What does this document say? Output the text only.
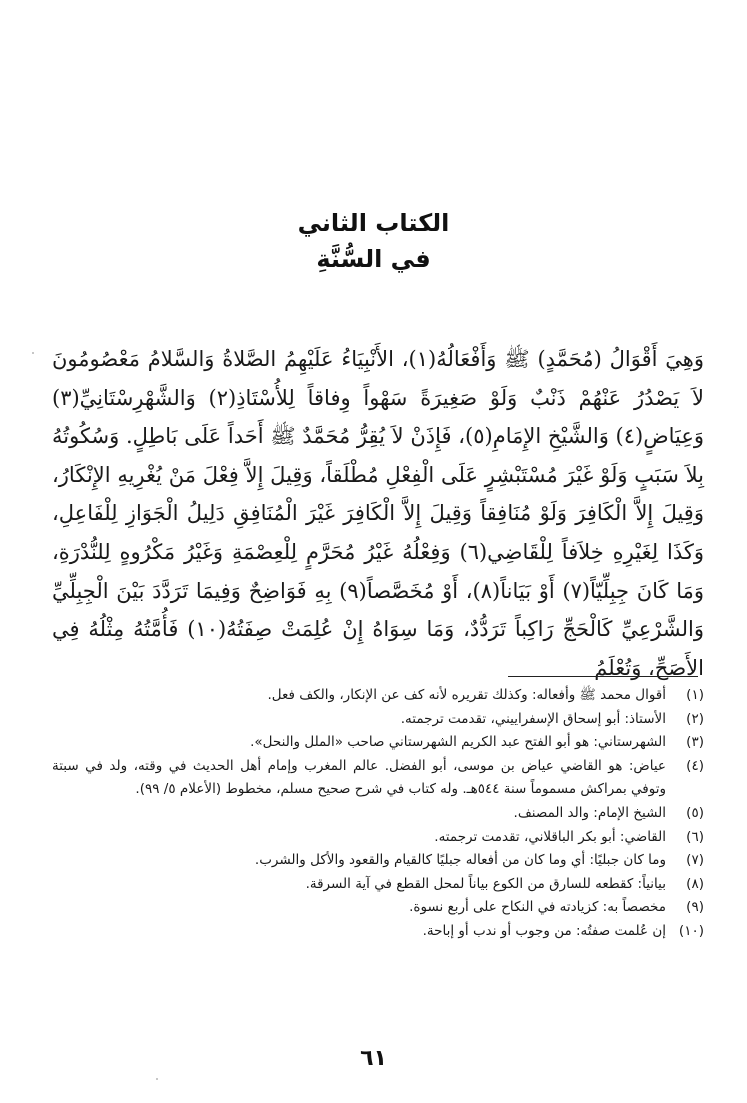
الكتاب الثاني
في السُّنَّةِ

وَهِيَ أَقْوَالُ (مُحَمَّدٍ) ﷺ وَأَفْعَالُهُ(١)، الأَنْبِيَاءُ عَلَيْهِمُ الصَّلاةُ وَالسَّلامُ مَعْصُومُونَ لاَ يَصْدُرُ عَنْهُمْ ذَنْبٌ وَلَوْ صَغِيرَةً سَهْواً وِفاقاً لِلأُسْتَاذِ(٢) وَالشَّهْرِسْتَانِيِّ(٣) وَعِيَاضٍ(٤) وَالشَّيْخِ الإِمَامِ(٥)، فَإِذَنْ لاَ يُقِرُّ مُحَمَّدٌ ﷺ أَحَداً عَلَى بَاطِلٍ. وَسُكُوتُهُ بِلاَ سَبَبٍ وَلَوْ غَيْرَ مُسْتَبْشِرٍ عَلَى الْفِعْلِ مُطْلَقاً، وَقِيلَ إِلاَّ فِعْلَ مَنْ يُغْرِيهِ الإِنْكَارُ، وَقِيلَ إِلاَّ الْكَافِرَ وَلَوْ مُنَافِقاً وَقِيلَ إِلاَّ الْكَافِرَ غَيْرَ الْمُنَافِقِ دَلِيلُ الْجَوَازِ لِلْفَاعِلِ، وَكَذَا لِغَيْرِهِ خِلاَفاً لِلْقَاضِي(٦) وَفِعْلُهُ غَيْرُ مُحَرَّمٍ لِلْعِصْمَةِ وَغَيْرُ مَكْرُوهٍ لِلنُّدْرَةِ، وَمَا كَانَ جِبِلِّيّاً(٧) أَوْ بَيَاناً(٨)، أَوْ مُخَصَّصاً(٩) بِهِ فَوَاضِحٌ وَفِيمَا تَرَدَّدَ بَيْنَ الْجِبِلِّيِّ وَالشَّرْعِيِّ كَالْحَجِّ رَاكِباً تَرَدُّدٌ، وَمَا سِوَاهُ إِنْ عُلِمَتْ صِفَتُهُ(١٠) فَأُمَّتُهُ مِثْلُهُ فِي الأَصَحِّ، وَتُعْلَمُ

(١)
أقوال محمد ﷺ وأفعاله: وكذلك تقريره لأنه كف عن الإنكار، والكف فعل.
(٢)
الأستاذ: أبو إسحاق الإسفراييني، تقدمت ترجمته.
(٣)
الشهرستاني: هو أبو الفتح عبد الكريم الشهرستاني صاحب «الملل والنحل».
(٤)
عياض: هو القاضي عياض بن موسى، أبو الفضل. عالم المغرب وإمام أهل الحديث في وقته، ولد في سبتة وتوفي بمراكش مسموماً سنة ٥٤٤هـ. وله كتاب في شرح صحيح مسلم، مخطوط (الأعلام ٥/ ٩٩).
(٥)
الشيخ الإمام: والد المصنف.
(٦)
القاضي: أبو بكر الباقلاني، تقدمت ترجمته.
(٧)
وما كان جبليًا: أي وما كان من أفعاله جبليًا كالقيام والقعود والأكل والشرب.
(٨)
بيانياً: كقطعه للسارق من الكوع بياناً لمحل القطع في آية السرقة.
(٩)
مخصصاً به: كزيادته في النكاح على أربع نسوة.
(١٠)
إن عُلمت صفتُه: من وجوب أو ندب أو إباحة.
٦١
